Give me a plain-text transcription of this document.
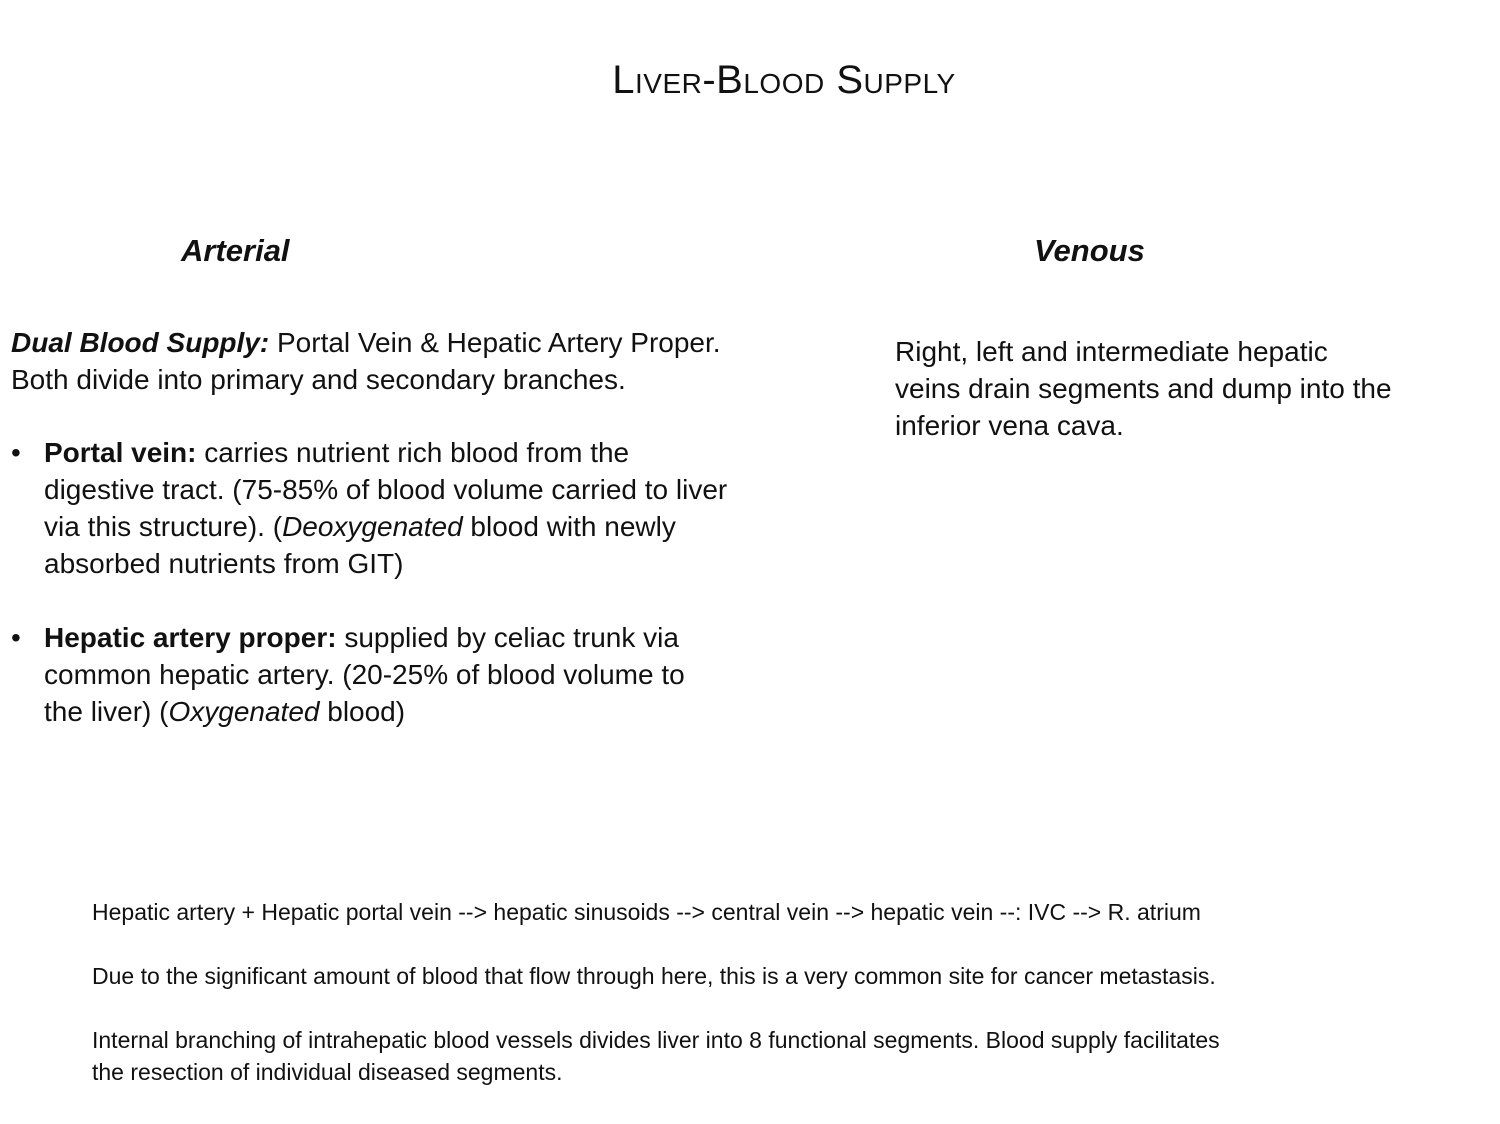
Liver-Blood Supply
Arterial	Venous

Dual Blood Supply: Portal Vein & Hepatic Artery Proper. Both divide into primary and secondary branches.

• Portal vein: carries nutrient rich blood from the digestive tract. (75-85% of blood volume carried to liver via this structure). (Deoxygenated blood with newly absorbed nutrients from GIT)
• Hepatic artery proper: supplied by celiac trunk via common hepatic artery. (20-25% of blood volume to the liver) (Oxygenated blood)

Right, left and intermediate hepatic veins drain segments and dump into the inferior vena cava.

Hepatic artery + Hepatic portal vein --> hepatic sinusoids --> central vein --> hepatic vein --: IVC --> R. atrium

Due to the significant amount of blood that flow through here, this is a very common site for cancer metastasis.

Internal branching of intrahepatic blood vessels divides liver into 8 functional segments. Blood supply facilitates the resection of individual diseased segments.
